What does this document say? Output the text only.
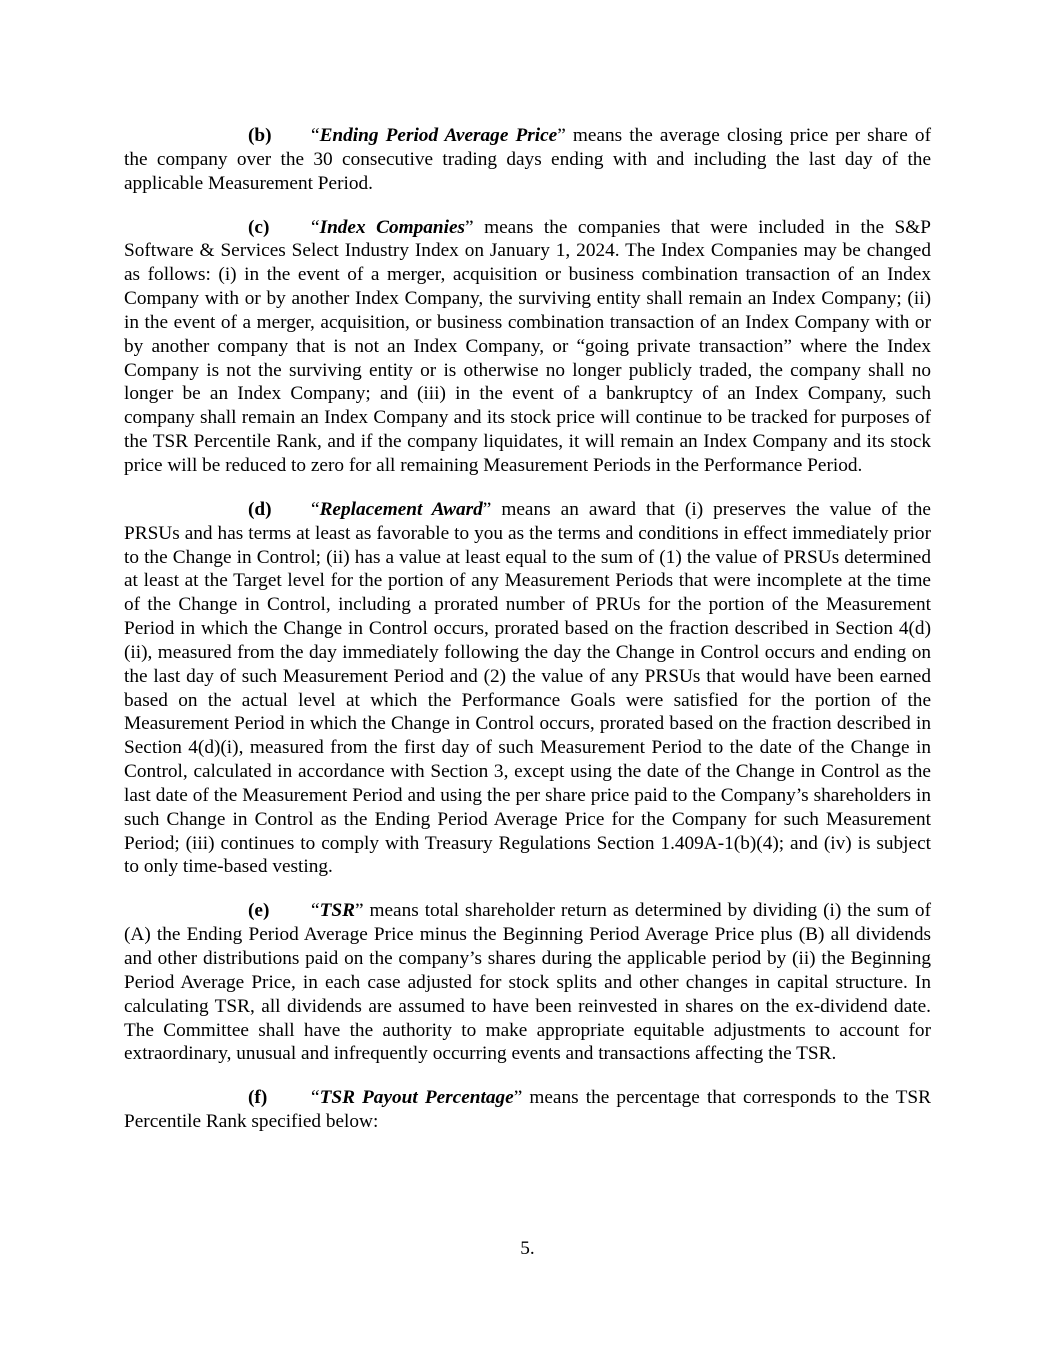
(b) “Ending Period Average Price” means the average closing price per share of the company over the 30 consecutive trading days ending with and including the last day of the applicable Measurement Period.

(c) “Index Companies” means the companies that were included in the S&P Software & Services Select Industry Index on January 1, 2024. The Index Companies may be changed as follows: (i) in the event of a merger, acquisition or business combination transaction of an Index Company with or by another Index Company, the surviving entity shall remain an Index Company; (ii) in the event of a merger, acquisition, or business combination transaction of an Index Company with or by another company that is not an Index Company, or “going private transaction” where the Index Company is not the surviving entity or is otherwise no longer publicly traded, the company shall no longer be an Index Company; and (iii) in the event of a bankruptcy of an Index Company, such company shall remain an Index Company and its stock price will continue to be tracked for purposes of the TSR Percentile Rank, and if the company liquidates, it will remain an Index Company and its stock price will be reduced to zero for all remaining Measurement Periods in the Performance Period.

(d) “Replacement Award” means an award that (i) preserves the value of the PRSUs and has terms at least as favorable to you as the terms and conditions in effect immediately prior to the Change in Control; (ii) has a value at least equal to the sum of (1) the value of PRSUs determined at least at the Target level for the portion of any Measurement Periods that were incomplete at the time of the Change in Control, including a prorated number of PRUs for the portion of the Measurement Period in which the Change in Control occurs, prorated based on the fraction described in Section 4(d)(ii), measured from the day immediately following the day the Change in Control occurs and ending on the last day of such Measurement Period and (2) the value of any PRSUs that would have been earned based on the actual level at which the Performance Goals were satisfied for the portion of the Measurement Period in which the Change in Control occurs, prorated based on the fraction described in Section 4(d)(i), measured from the first day of such Measurement Period to the date of the Change in Control, calculated in accordance with Section 3, except using the date of the Change in Control as the last date of the Measurement Period and using the per share price paid to the Company’s shareholders in such Change in Control as the Ending Period Average Price for the Company for such Measurement Period; (iii) continues to comply with Treasury Regulations Section 1.409A-1(b)(4); and (iv) is subject to only time-based vesting.

(e) “TSR” means total shareholder return as determined by dividing (i) the sum of (A) the Ending Period Average Price minus the Beginning Period Average Price plus (B) all dividends and other distributions paid on the company’s shares during the applicable period by (ii) the Beginning Period Average Price, in each case adjusted for stock splits and other changes in capital structure. In calculating TSR, all dividends are assumed to have been reinvested in shares on the ex-dividend date. The Committee shall have the authority to make appropriate equitable adjustments to account for extraordinary, unusual and infrequently occurring events and transactions affecting the TSR.

(f) “TSR Payout Percentage” means the percentage that corresponds to the TSR Percentile Rank specified below:

5.
